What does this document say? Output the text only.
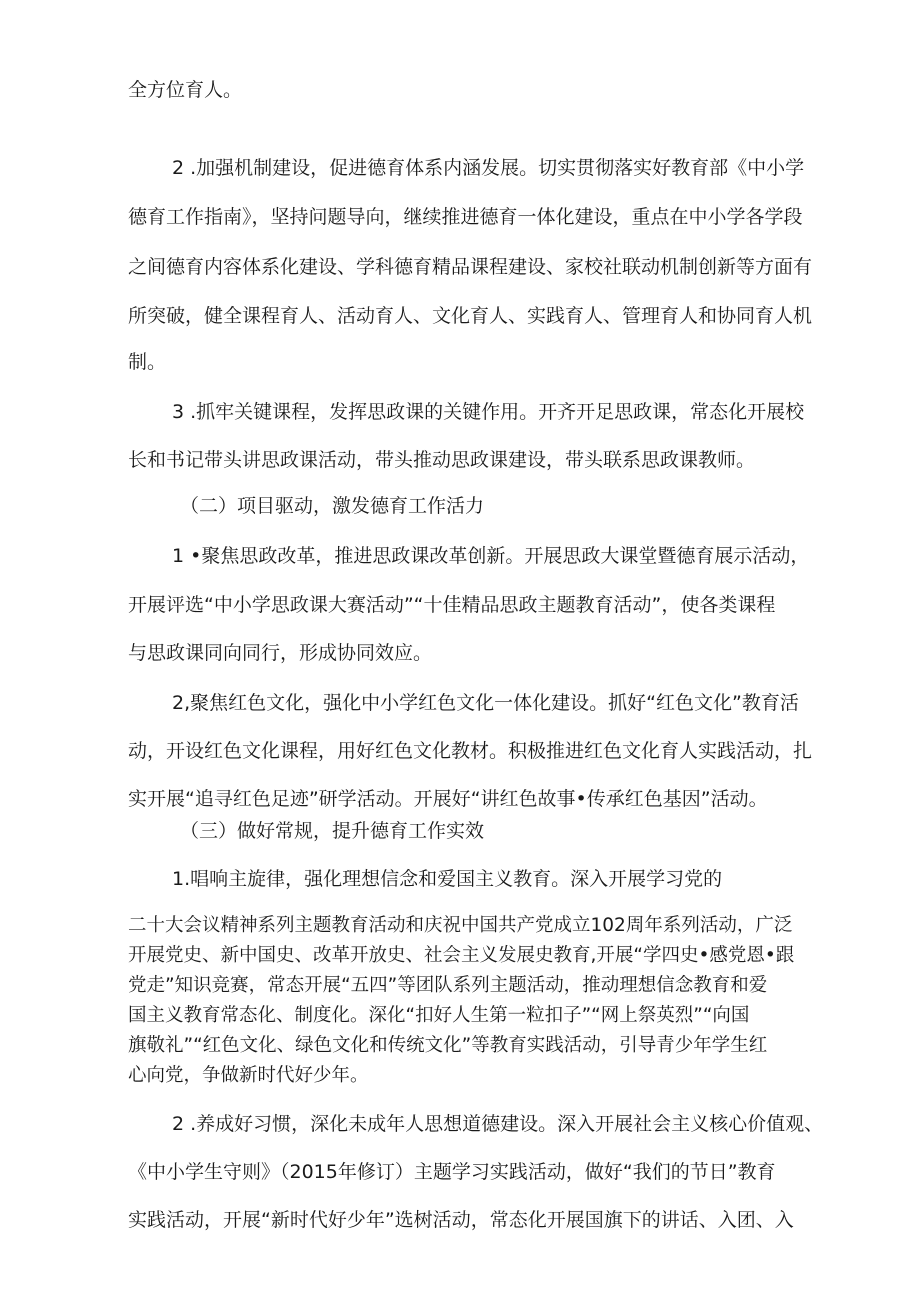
全方位育人。

2 .加强机制建设，促进德育体系内涵发展。切实贯彻落实好教育部《中小学

德育工作指南》，坚持问题导向，继续推进德育一体化建设，重点在中小学各学段

之间德育内容体系化建设、学科德育精品课程建设、家校社联动机制创新等方面有

所突破，健全课程育人、活动育人、文化育人、实践育人、管理育人和协同育人机

制。

3 .抓牢关键课程，发挥思政课的关键作用。开齐开足思政课，常态化开展校

长和书记带头讲思政课活动，带头推动思政课建设，带头联系思政课教师。

（二）项目驱动，激发德育工作活力

1 •聚焦思政改革，推进思政课改革创新。开展思政大课堂暨德育展示活动，

开展评选“中小学思政课大赛活动”“十佳精品思政主题教育活动”，使各类课程

与思政课同向同行，形成协同效应。

2,聚焦红色文化，强化中小学红色文化一体化建设。抓好“红色文化”教育活

动，开设红色文化课程，用好红色文化教材。积极推进红色文化育人实践活动，扎

实开展“追寻红色足迹”研学活动。开展好“讲红色故事•传承红色基因”活动。

（三）做好常规，提升德育工作实效

1.唱响主旋律，强化理想信念和爱国主义教育。深入开展学习党的

二十大会议精神系列主题教育活动和庆祝中国共产党成立102周年系列活动，广泛

开展党史、新中国史、改革开放史、社会主义发展史教育,开展“学四史•感党恩•跟

党走”知识竞赛，常态开展“五四”等团队系列主题活动，推动理想信念教育和爱

国主义教育常态化、制度化。深化“扣好人生第一粒扣子”“网上祭英烈”“向国

旗敬礼”“红色文化、绿色文化和传统文化”等教育实践活动，引导青少年学生红

心向党，争做新时代好少年。

2 .养成好习惯，深化未成年人思想道德建设。深入开展社会主义核心价值观、

《中小学生守则》（2015年修订）主题学习实践活动，做好“我们的节日”教育

实践活动，开展“新时代好少年”选树活动，常态化开展国旗下的讲话、入团、入
